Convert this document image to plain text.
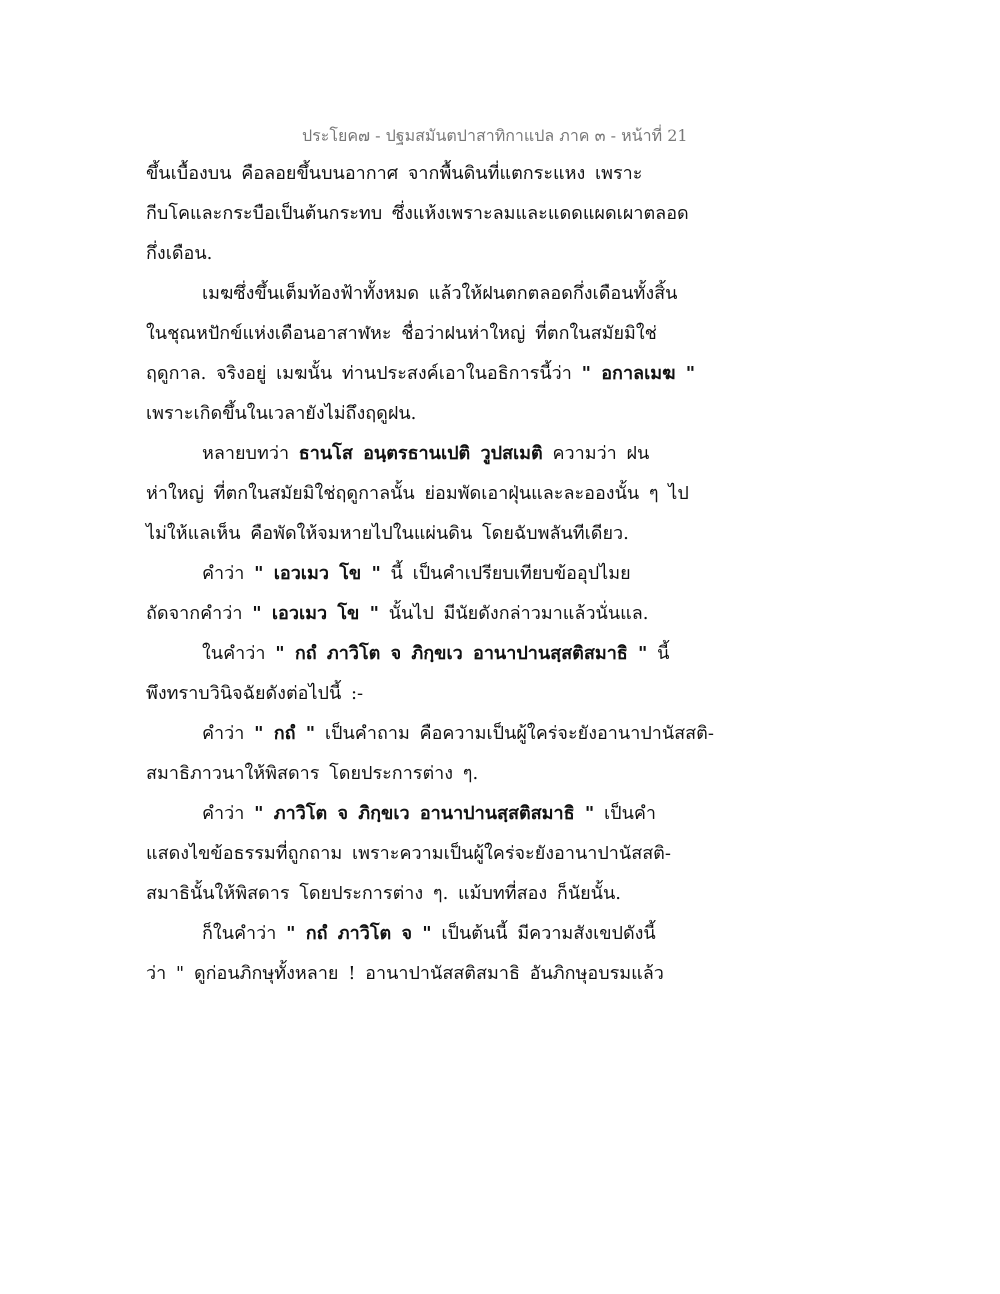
ประโยค๗ - ปฐมสมันตปาสาทิกาแปล ภาค ๓ - หน้าที่ 21
ขึ้นเบื้องบน คือลอยขึ้นบนอากาศ จากพื้นดินที่แตกระแหง เพราะ
กีบโคและกระบือเป็นต้นกระทบ ซึ่งแห้งเพราะลมและแดดแผดเผาตลอด
กึ่งเดือน.
เมฆซึ่งขึ้นเต็มท้องฟ้าทั้งหมด แล้วให้ฝนตกตลอดกึ่งเดือนทั้งสิ้น
ในชุณหปักข์แห่งเดือนอาสาฬหะ ชื่อว่าฝนห่าใหญ่ ที่ตกในสมัยมิใช่
ฤดูกาล. จริงอยู่ เมฆนั้น ท่านประสงค์เอาในอธิการนี้ว่า " อกาลเมฆ "
เพราะเกิดขึ้นในเวลายังไม่ถึงฤดูฝน.
หลายบทว่า ธานโส อนฺตรธานเปติ วูปสเมติ ความว่า ฝน
ห่าใหญ่ ที่ตกในสมัยมิใช่ฤดูกาลนั้น ย่อมพัดเอาฝุ่นและละอองนั้น ๆ ไป
ไม่ให้แลเห็น คือพัดให้จมหายไปในแผ่นดิน โดยฉับพลันทีเดียว.
คำว่า " เอวเมว โข " นี้ เป็นคำเปรียบเทียบข้ออุปไมย
ถัดจากคำว่า " เอวเมว โข " นั้นไป มีนัยดังกล่าวมาแล้วนั่นแล.
ในคำว่า " กถํ ภาวิโต จ ภิกฺขเว อานาปานสฺสติสมาธิ " นี้
พึงทราบวินิจฉัยดังต่อไปนี้ :-
คำว่า " กถํ " เป็นคำถาม คือความเป็นผู้ใคร่จะยังอานาปานัสสติ-
สมาธิภาวนาให้พิสดาร โดยประการต่าง ๆ.
คำว่า " ภาวิโต จ ภิกฺขเว อานาปานสฺสติสมาธิ " เป็นคำ
แสดงไขข้อธรรมที่ถูกถาม เพราะความเป็นผู้ใคร่จะยังอานาปานัสสติ-
สมาธินั้นให้พิสดาร โดยประการต่าง ๆ. แม้บทที่สอง ก็นัยนั้น.
ก็ในคำว่า " กถํ ภาวิโต จ " เป็นต้นนี้ มีความสังเขปดังนี้
ว่า " ดูก่อนภิกษุทั้งหลาย ! อานาปานัสสติสมาธิ อันภิกษุอบรมแล้ว
